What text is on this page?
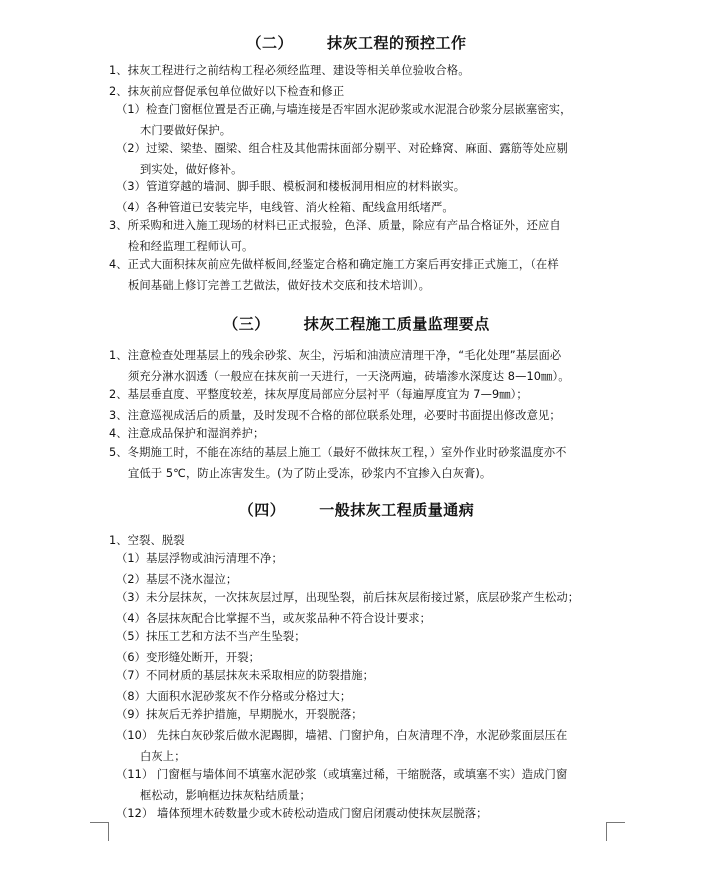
（二） 抹灰工程的预控工作
1、抹灰工程进行之前结构工程必须经监理、建设等相关单位验收合格。
2、抹灰前应督促承包单位做好以下检查和修正
（1）检查门窗框位置是否正确,与墙连接是否牢固水泥砂浆或水泥混合砂浆分层嵌塞密实，
木门要做好保护。
（2）过梁、梁垫、圈梁、组合柱及其他需抹面部分剔平、对砼蜂窝、麻面、露筋等处应剔
到实处，做好修补。
（3）管道穿越的墙洞、脚手眼、模板洞和楼板洞用相应的材料嵌实。
（4）各种管道已安装完毕，电线管、消火栓箱、配线盒用纸堵严。
3、所采购和进入施工现场的材料已正式报验，色泽、质量，除应有产品合格证外，还应自
检和经监理工程师认可。
4、正式大面积抹灰前应先做样板间,经鉴定合格和确定施工方案后再安排正式施工，（在样
板间基础上修订完善工艺做法，做好技术交底和技术培训）。
（三） 抹灰工程施工质量监理要点
1、注意检查处理基层上的残余砂浆、灰尘，污垢和油渍应清理干净，“毛化处理”基层面必
须充分淋水泅透（一般应在抹灰前一天进行，一天浇两遍，砖墙渗水深度达 8—10㎜）。
2、基层垂直度、平整度较差，抹灰厚度局部应分层衬平（每遍厚度宜为 7—9㎜）；
3、注意巡视成活后的质量，及时发现不合格的部位联系处理，必要时书面提出修改意见；
4、注意成品保护和湿润养护；
5、冬期施工时，不能在冻结的基层上施工（最好不做抹灰工程，）室外作业时砂浆温度亦不
宜低于 5℃，防止冻害发生。(为了防止受冻，砂浆内不宜掺入白灰膏)。
（四） 一般抹灰工程质量通病
1、空裂、脱裂
（1）基层浮物或油污清理不净；
（2）基层不浇水湿泣；
（3）未分层抹灰，一次抹灰层过厚，出现坠裂，前后抹灰层衔接过紧，底层砂浆产生松动；
（4）各层抹灰配合比掌握不当，或灰浆品种不符合设计要求；
（5）抹压工艺和方法不当产生坠裂；
（6）变形缝处断开，开裂；
（7）不同材质的基层抹灰未采取相应的防裂措施；
（8）大面积水泥砂浆灰不作分格或分格过大；
（9）抹灰后无养护措施，早期脱水，开裂脱落；
（10） 先抹白灰砂浆后做水泥踢脚，墙裙、门窗护角，白灰清理不净，水泥砂浆面层压在
白灰上；
（11） 门窗框与墙体间不填塞水泥砂浆（或填塞过稀，干缩脱落，或填塞不实）造成门窗
框松动，影响框边抹灰粘结质量；
（12） 墙体预埋木砖数量少或木砖松动造成门窗启闭震动使抹灰层脱落；
